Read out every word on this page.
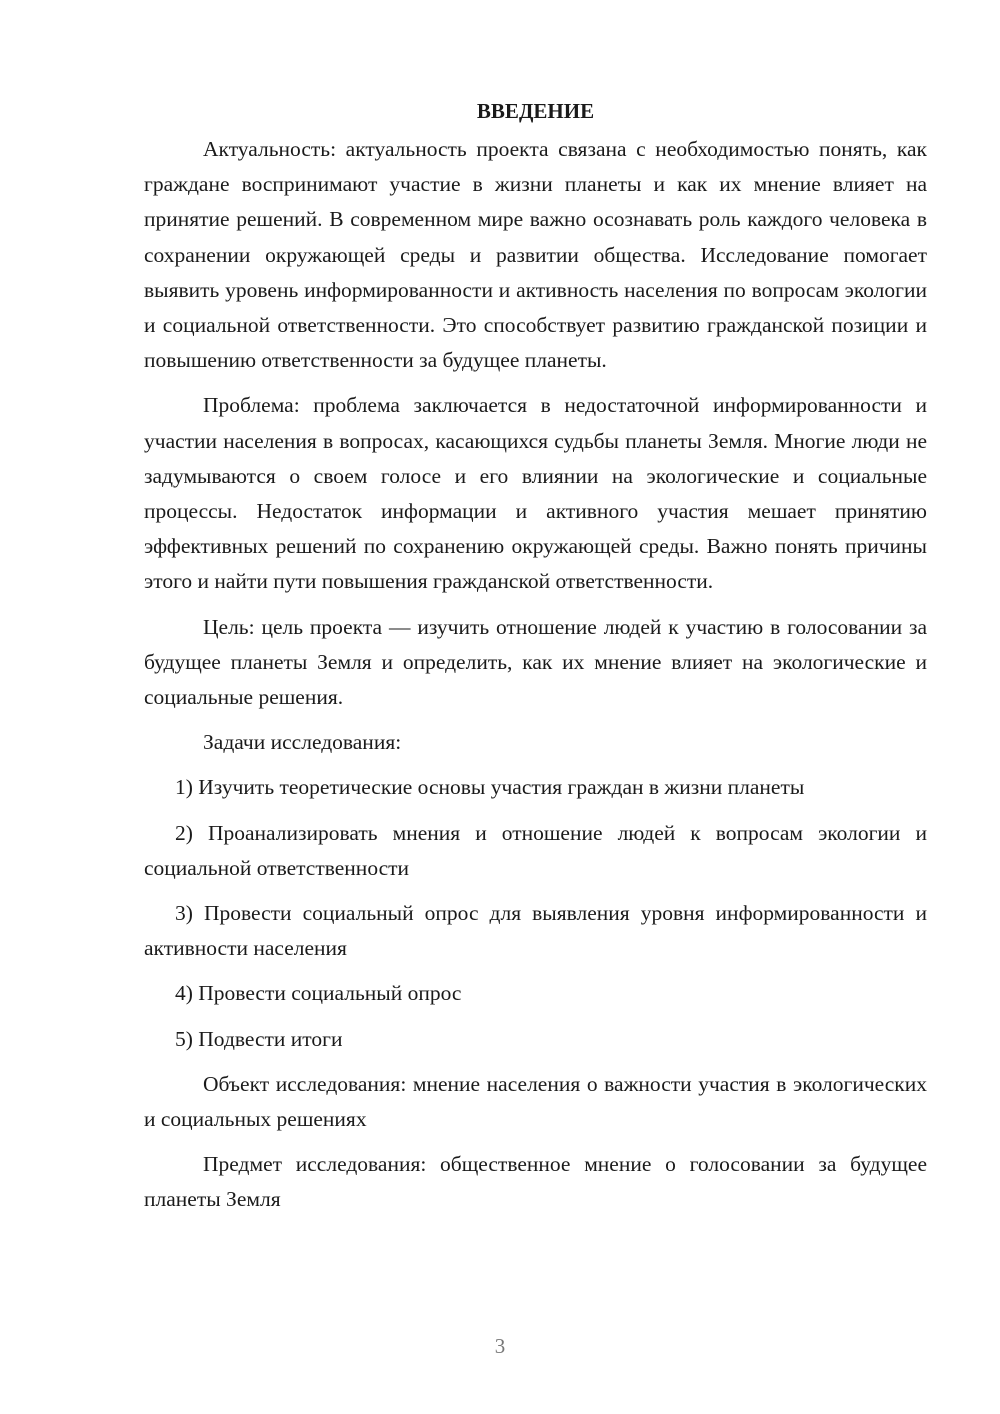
ВВЕДЕНИЕ

Актуальность: актуальность проекта связана с необходимостью понять, как граждане воспринимают участие в жизни планеты и как их мнение влияет на принятие решений. В современном мире важно осознавать роль каждого человека в сохранении окружающей среды и развитии общества. Исследование помогает выявить уровень информированности и активность населения по вопросам экологии и социальной ответственности. Это способствует развитию гражданской позиции и повышению ответственности за будущее планеты.

Проблема: проблема заключается в недостаточной информированности и участии населения в вопросах, касающихся судьбы планеты Земля. Многие люди не задумываются о своем голосе и его влиянии на экологические и социальные процессы. Недостаток информации и активного участия мешает принятию эффективных решений по сохранению окружающей среды. Важно понять причины этого и найти пути повышения гражданской ответственности.

Цель: цель проекта — изучить отношение людей к участию в голосовании за будущее планеты Земля и определить, как их мнение влияет на экологические и социальные решения.

Задачи исследования:

1) Изучить теоретические основы участия граждан в жизни планеты

2) Проанализировать мнения и отношение людей к вопросам экологии и социальной ответственности

3) Провести социальный опрос для выявления уровня информированности и активности населения

4) Провести социальный опрос

5) Подвести итоги

Объект исследования: мнение населения о важности участия в экологических и социальных решениях

Предмет исследования: общественное мнение о голосовании за будущее планеты Земля

3
